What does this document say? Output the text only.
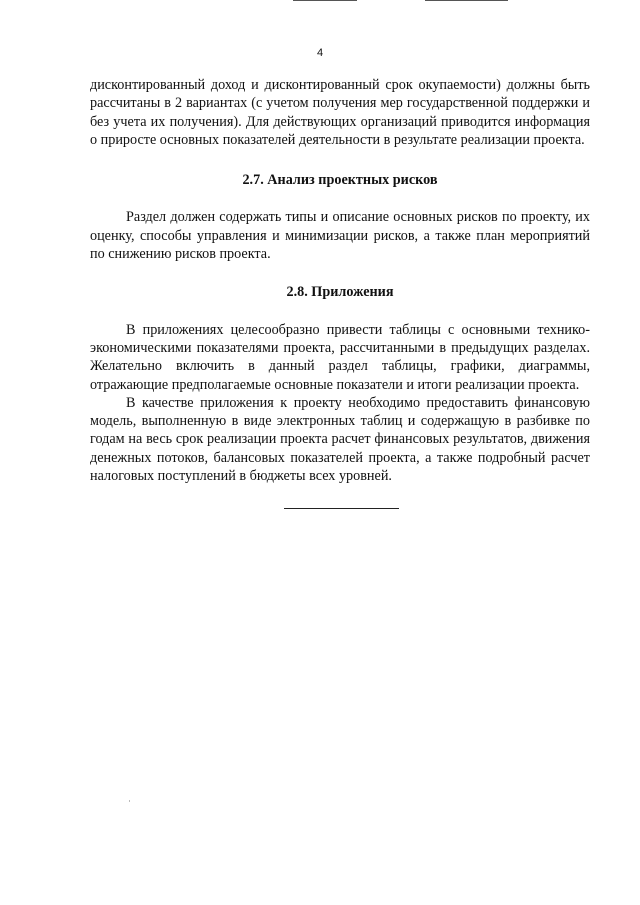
4

дисконтированный доход и дисконтированный срок окупаемости) должны быть рассчитаны в 2 вариантах (с учетом получения мер государственной поддержки и без учета их получения). Для действующих организаций приводится информация о приросте основных показателей деятельности в результате реализации проекта.

2.7. Анализ проектных рисков

Раздел должен содержать типы и описание основных рисков по проекту, их оценку, способы управления и минимизации рисков, а также план мероприятий по снижению рисков проекта.

2.8. Приложения

В приложениях целесообразно привести таблицы с основными технико-экономическими показателями проекта, рассчитанными в предыдущих разделах. Желательно включить в данный раздел таблицы, графики, диаграммы, отражающие предполагаемые основные показатели и итоги реализации проекта.

В качестве приложения к проекту необходимо предоставить финансовую модель, выполненную в виде электронных таблиц и содержащую в разбивке по годам на весь срок реализации проекта расчет финансовых результатов, движения денежных потоков, балансовых показателей проекта, а также подробный расчет налоговых поступлений в бюджеты всех уровней.
